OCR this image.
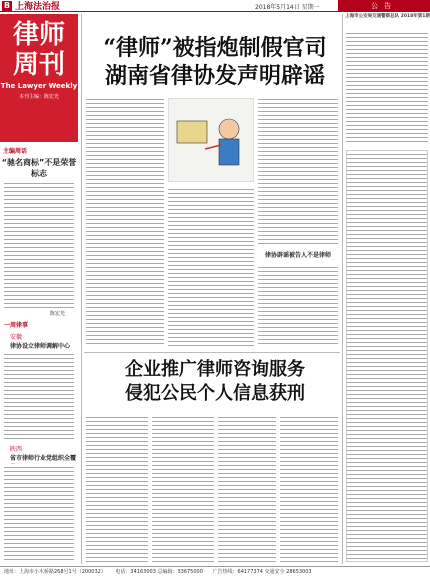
B 上海法治报	2018年5月14日 星期一	公告
律师
周刊
The Lawyer Weekly
本刊主编：陈宏光
主编周话
“驰名商标”不是荣誉标志
陈宏光
一周律事
安徽
律协设立律师调解中心
陕西
省市律师行业党组织全覆
“律师”被指炮制假官司
湖南省律协发声明辟谣
律协辟谣被告人不是律师
企业推广律师咨询服务
侵犯公民个人信息获刑
上海市公安局交通警察总队 2018年第1期
地址：上海市小木桥路268号1号（200032） 电话：34163003 总编辑：33675000 广告热线：64177374 交通安全 28653003
